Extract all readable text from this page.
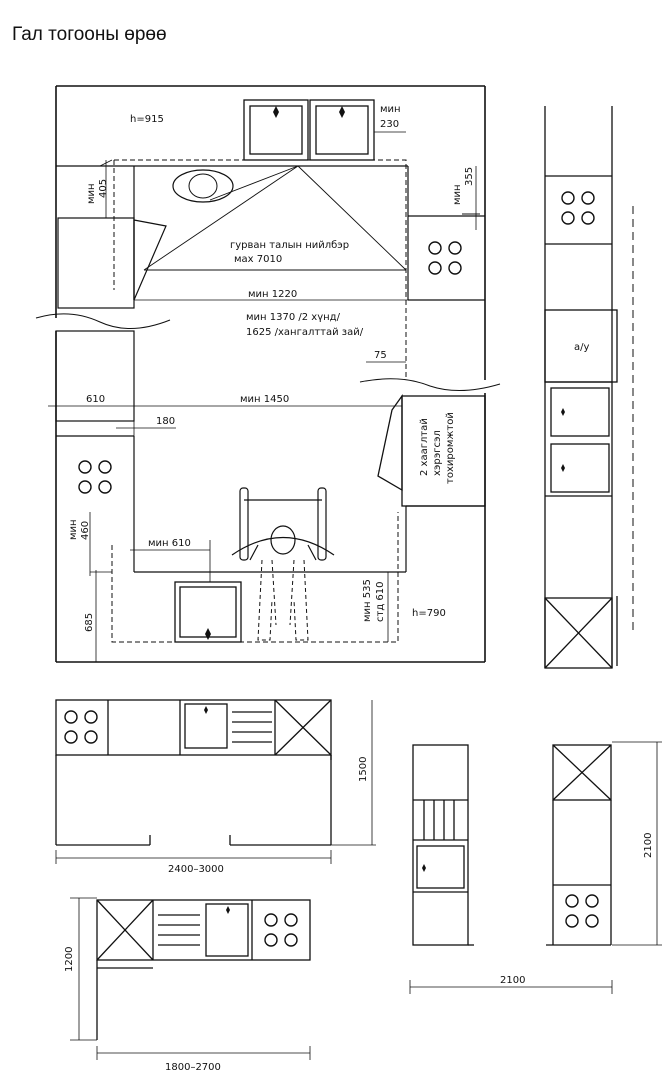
Гал тогооны өрөө
h=915
мин
230
мин 405	мин
355
гурван талын нийлбэр
мах 7010
мин 1220
мин 1370 /2 хүнд/
1625 /хангалттай зай/
75
610	мин 1450
180	2 хааглтай хэрэгсэл тохиромжтой
мин 460
мин 610
685
мин 535 стд 610	h=790
a/y
2400–3000
1500
2100
2100
1800–2700
1200
